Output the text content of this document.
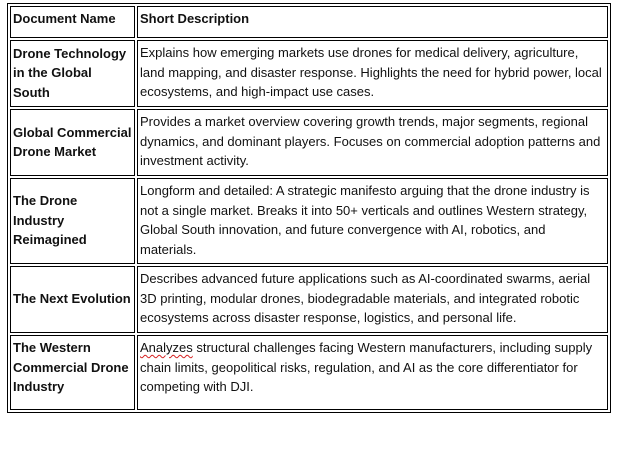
Document Name	Short Description
Drone Technology in the Global South	Explains how emerging markets use drones for medical delivery, agriculture, land mapping, and disaster response. Highlights the need for hybrid power, local ecosystems, and high-impact use cases.
Global Commercial Drone Market	Provides a market overview covering growth trends, major segments, regional dynamics, and dominant players. Focuses on commercial adoption patterns and investment activity.
The Drone Industry Reimagined	Longform and detailed: A strategic manifesto arguing that the drone industry is not a single market. Breaks it into 50+ verticals and outlines Western strategy, Global South innovation, and future convergence with AI, robotics, and materials.
The Next Evolution	Describes advanced future applications such as AI-coordinated swarms, aerial 3D printing, modular drones, biodegradable materials, and integrated robotic ecosystems across disaster response, logistics, and personal life.
The Western Commercial Drone Industry	Analyzes structural challenges facing Western manufacturers, including supply chain limits, geopolitical risks, regulation, and AI as the core differentiator for competing with DJI.
